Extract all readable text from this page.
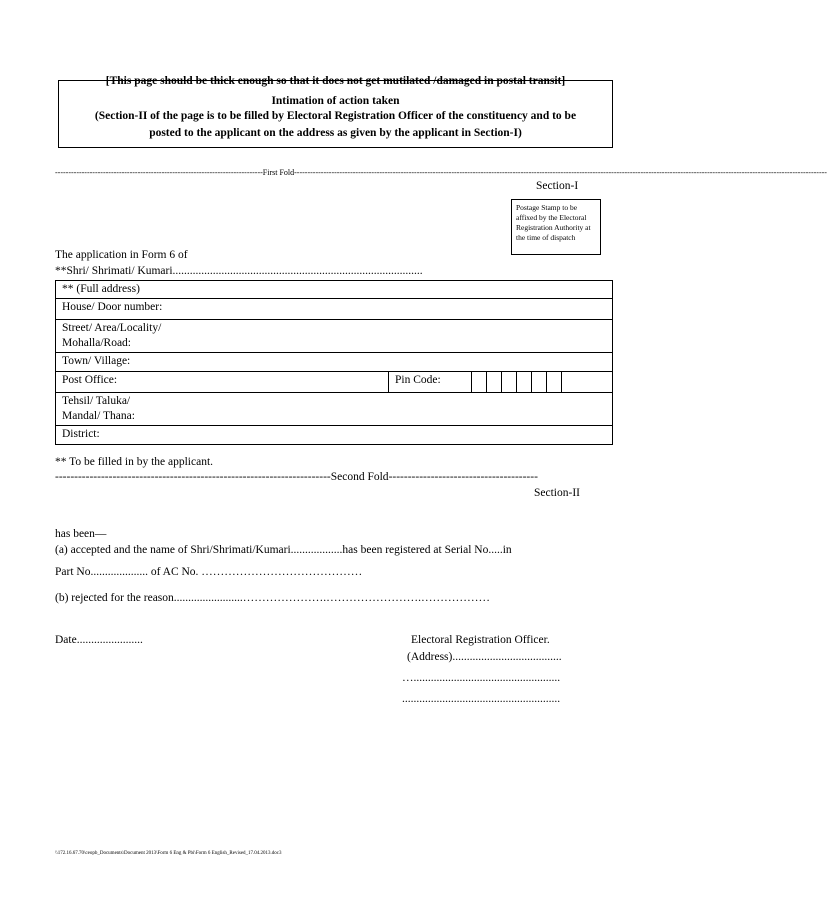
[This page should be thick enough so that it does not get mutilated /damaged in postal transit]
Intimation of action taken
(Section-II of the page is to be filled by Electoral Registration Officer of the constituency and to be
posted to the applicant on the address as given by the applicant in Section-I)
------------------------------------------------------------------------------First Fold--------------------------------------------------------------------------------------------------------------------------------------------------------------------------------------------------------
Section-I
Postage Stamp to be affixed by the Electoral Registration Authority at the time of dispatch
The application in Form 6 of
**Shri/ Shrimati/ Kumari.......................................................................................
** (Full address)
House/ Door number:

Street/ Area/Locality/
Mohalla/Road:

Town/ Village:
Post Office:	Pin Code:							

Tehsil/ Taluka/
Mandal/ Thana:

District:
** To be filled in by the applicant.
------------------------------------------------------------------------Second Fold---------------------------------------
Section-II
has been—
(a) accepted and the name of Shri/Shrimati/Kumari..................has been registered at Serial No.....in
Part No.................... of AC No. ……………………………………
(b) rejected for the reason........................………………….…………………….………………
Date.......................	Electoral Registration Officer.
(Address)......................................
…...................................................
.......................................................
\\172.16.67.70\ceopb_Documents\Document 2013\Form 6 Eng & Pbi\Form 6 English_Revised_17.04.2013.doc3
